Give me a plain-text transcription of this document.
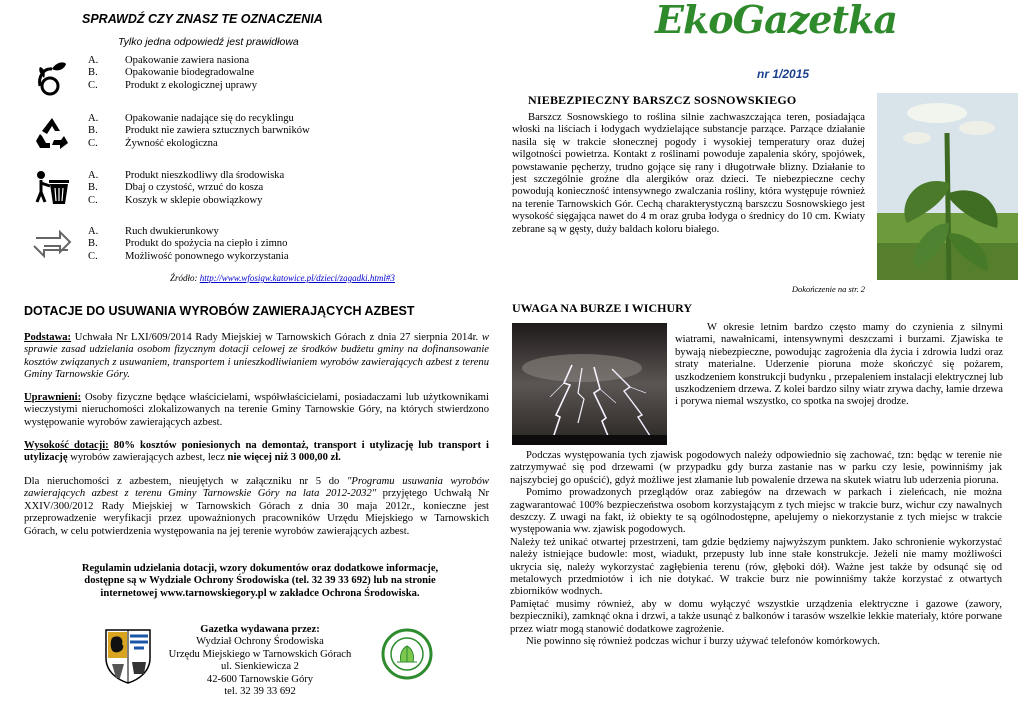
SPRAWDŹ CZY ZNASZ TE OZNACZENIA
Tylko jedna odpowiedź jest prawidłowa
A.	Opakowanie zawiera nasiona
B.	Opakowanie biodegradowalne
C.	Produkt z ekologicznej uprawy
A.	Opakowanie nadające się do recyklingu
B.	Produkt nie zawiera sztucznych barwników
C.	Żywność ekologiczna
A.	Produkt nieszkodliwy dla środowiska
B.	Dbaj o czystość, wrzuć do kosza
C.	Koszyk w sklepie obowiązkowy
A.	Ruch dwukierunkowy
B.	Produkt do spożycia na ciepło i zimno
C.	Możliwość ponownego wykorzystania
Źródło: http://www.wfosigw.katowice.pl/dzieci/zagadki.html#3
DOTACJE DO USUWANIA WYROBÓW ZAWIERAJĄCYCH AZBEST

Podstawa: Uchwała Nr LXI/609/2014 Rady Miejskiej w Tarnowskich Górach z dnia 27 sierpnia 2014r. w sprawie zasad udzielania osobom fizycznym dotacji celowej ze środków budżetu gminy na dofinansowanie kosztów związanych z usuwaniem, transportem i unieszkodliwianiem wyrobów zawierających azbest z terenu Gminy Tarnowskie Góry.

Uprawnieni: Osoby fizyczne będące właścicielami, współwłaścicielami, posiadaczami lub użytkownikami wieczystymi nieruchomości zlokalizowanych na terenie Gminy Tarnowskie Góry, na których stwierdzono występowanie wyrobów zawierających azbest.

Wysokość dotacji: 80% kosztów poniesionych na demontaż, transport i utylizację lub transport i utylizację wyrobów zawierających azbest, lecz nie więcej niż 3 000,00 zł.

Dla nieruchomości z azbestem, nieujętych w załączniku nr 5 do "Programu usuwania wyrobów zawierających azbest z terenu Gminy Tarnowskie Góry na lata 2012-2032" przyjętego Uchwałą Nr XXIV/300/2012 Rady Miejskiej w Tarnowskich Górach z dnia 30 maja 2012r., konieczne jest przeprowadzenie weryfikacji przez upoważnionych pracowników Urzędu Miejskiego w Tarnowskich Górach, w celu potwierdzenia występowania na jej terenie wyrobów zawierających azbest.

Regulamin udzielania dotacji, wzory dokumentów oraz dodatkowe informacje, dostępne są w Wydziale Ochrony Środowiska (tel. 32 39 33 692) lub na stronie internetowej www.tarnowskiegory.pl w zakładce Ochrona Środowiska.
Gazetka wydawana przez:
Wydział Ochrony Środowiska
Urzędu Miejskiego w Tarnowskich Górach
ul. Sienkiewicza 2
42-600 Tarnowskie Góry
tel. 32 39 33 692
EkoGazetka
nr 1/2015
NIEBEZPIECZNY BARSZCZ SOSNOWSKIEGO

Barszcz Sosnowskiego to roślina silnie zachwaszczająca teren, posiadająca włoski na liściach i łodygach wydzielające substancje parzące. Parzące działanie nasila się w trakcie słonecznej pogody i wysokiej temperatury oraz dużej wilgotności powietrza. Kontakt z roślinami powoduje zapalenia skóry, spojówek, powstawanie pęcherzy, trudno gojące się rany i długotrwałe blizny. Działanie to jest szczególnie groźne dla alergików oraz dzieci. Te niebezpieczne cechy powodują konieczność intensywnego zwalczania rośliny, która występuje również na terenie Tarnowskich Gór. Cechą charakterystyczną barszczu Sosnowskiego jest wysokość sięgająca nawet do 4 m oraz gruba łodyga o średnicy do 10 cm. Kwiaty zebrane są w gęsty, duży baldach koloru białego.

Dokończenie na str. 2
UWAGA NA BURZE I WICHURY

W okresie letnim bardzo często mamy do czynienia z silnymi wiatrami, nawałnicami, intensywnymi deszczami i burzami. Zjawiska te bywają niebezpieczne, powodując zagrożenia dla życia i zdrowia ludzi oraz straty materialne. Uderzenie pioruna może skończyć się pożarem, uszkodzeniem konstrukcji budynku , przepaleniem instalacji elektrycznej lub uszkodzeniem drzewa. Z kolei bardzo silny wiatr zrywa dachy, łamie drzewa i porywa niemal wszystko, co spotka na swojej drodze.

Podczas występowania tych zjawisk pogodowych należy odpowiednio się zachować, tzn: będąc w terenie nie zatrzymywać się pod drzewami (w przypadku gdy burza zastanie nas w parku czy lesie, powinniśmy jak najszybciej go opuścić), gdyż możliwe jest złamanie lub powalenie drzewa na skutek wiatru lub uderzenia pioruna.

Pomimo prowadzonych przeglądów oraz zabiegów na drzewach w parkach i zieleńcach, nie można zagwarantować 100% bezpieczeństwa osobom korzystającym z tych miejsc w trakcie burz, wichur czy nawalnych deszczy. Z uwagi na fakt, iż obiekty te są ogólnodostępne, apelujemy o niekorzystanie z tych miejsc w trakcie występowania ww. zjawisk pogodowych.

Należy też unikać otwartej przestrzeni, tam gdzie będziemy najwyższym punktem. Jako schronienie wykorzystać należy istniejące budowle: most, wiadukt, przepusty lub inne stałe konstrukcje. Jeżeli nie mamy możliwości ukrycia się, należy wykorzystać zagłębienia terenu (rów, głęboki dół). Ważne jest także by odsunąć się od metalowych przedmiotów i ich nie dotykać. W trakcie burz nie powinniśmy także korzystać z otwartych zbiorników wodnych.

Pamiętać musimy również, aby w domu wyłączyć wszystkie urządzenia elektryczne i gazowe (zawory, bezpieczniki), zamknąć okna i drzwi, a także usunąć z balkonów i tarasów wszelkie lekkie materiały, które porwane przez wiatr mogą stanowić dodatkowe zagrożenie.

Nie powinno się również podczas wichur i burzy używać telefonów komórkowych.
